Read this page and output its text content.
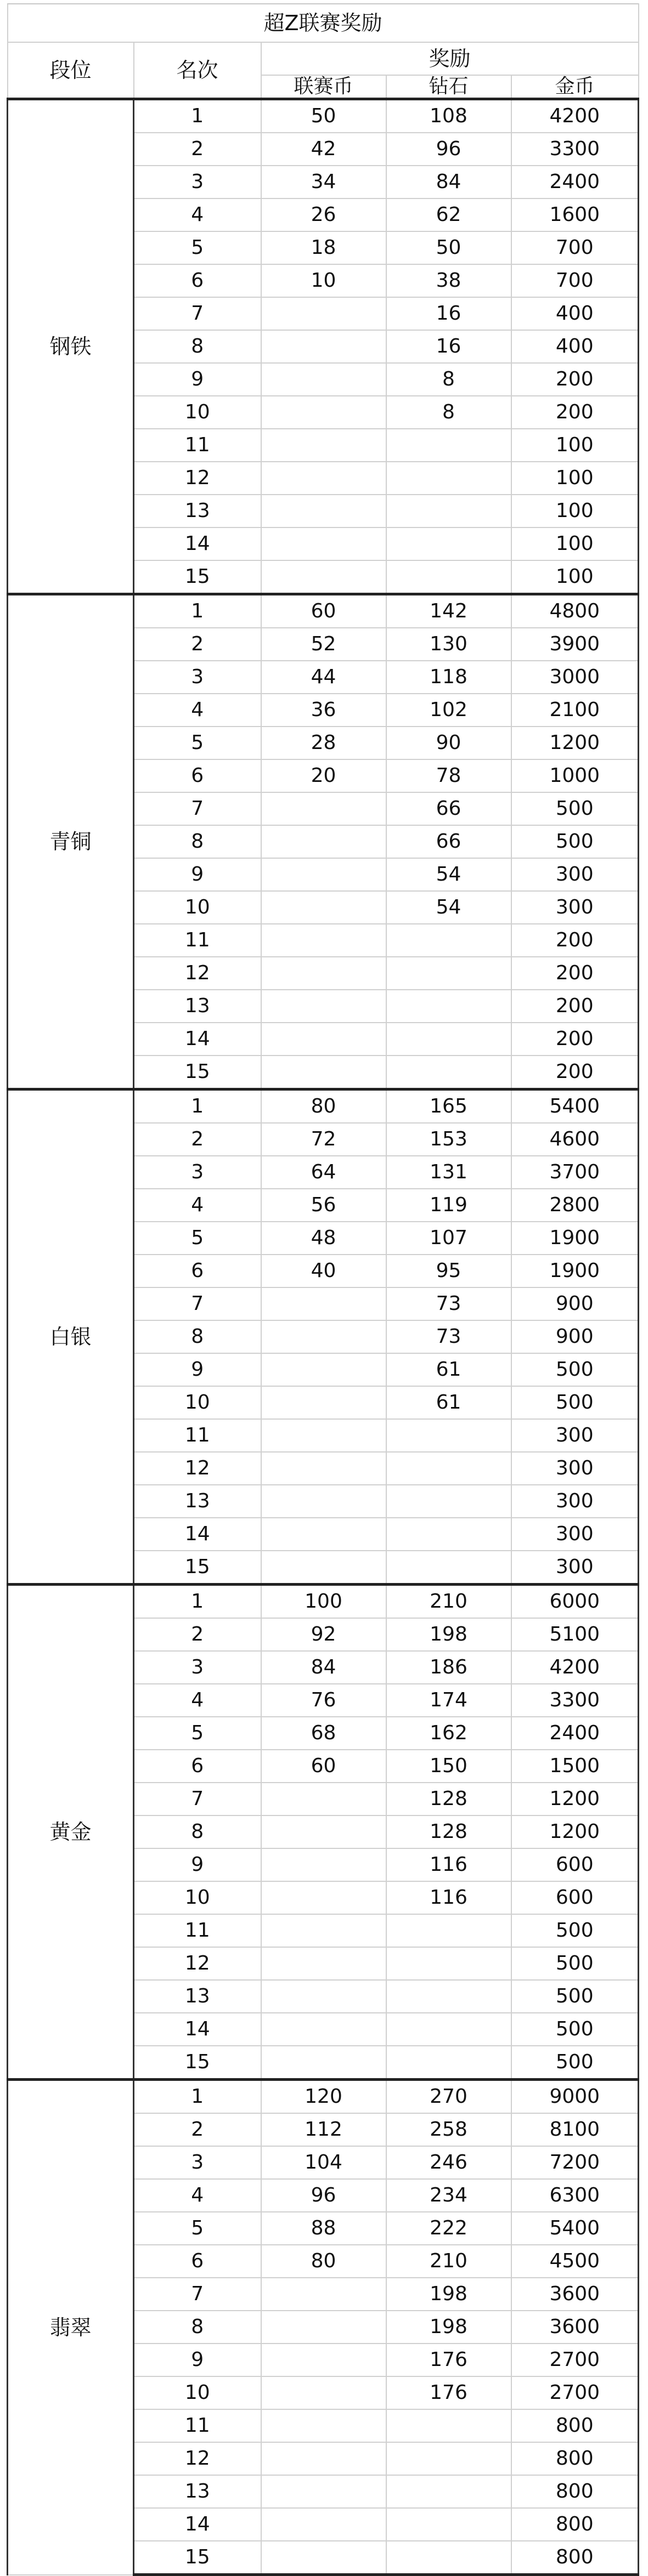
超Z联赛奖励				
段位	名次	奖励		
		联赛币	钻石	金币
钢铁	1	50	108	4200
	2	42	96	3300
	3	34	84	2400
	4	26	62	1600
	5	18	50	700
	6	10	38	700
	7		16	400
	8		16	400
	9		8	200
	10		8	200
	11			100
	12			100
	13			100
	14			100
	15			100
青铜	1	60	142	4800
	2	52	130	3900
	3	44	118	3000
	4	36	102	2100
	5	28	90	1200
	6	20	78	1000
	7		66	500
	8		66	500
	9		54	300
	10		54	300
	11			200
	12			200
	13			200
	14			200
	15			200
白银	1	80	165	5400
	2	72	153	4600
	3	64	131	3700
	4	56	119	2800
	5	48	107	1900
	6	40	95	1900
	7		73	900
	8		73	900
	9		61	500
	10		61	500
	11			300
	12			300
	13			300
	14			300
	15			300
黄金	1	100	210	6000
	2	92	198	5100
	3	84	186	4200
	4	76	174	3300
	5	68	162	2400
	6	60	150	1500
	7		128	1200
	8		128	1200
	9		116	600
	10		116	600
	11			500
	12			500
	13			500
	14			500
	15			500
翡翠	1	120	270	9000
	2	112	258	8100
	3	104	246	7200
	4	96	234	6300
	5	88	222	5400
	6	80	210	4500
	7		198	3600
	8		198	3600
	9		176	2700
	10		176	2700
	11			800
	12			800
	13			800
	14			800
	15			800
